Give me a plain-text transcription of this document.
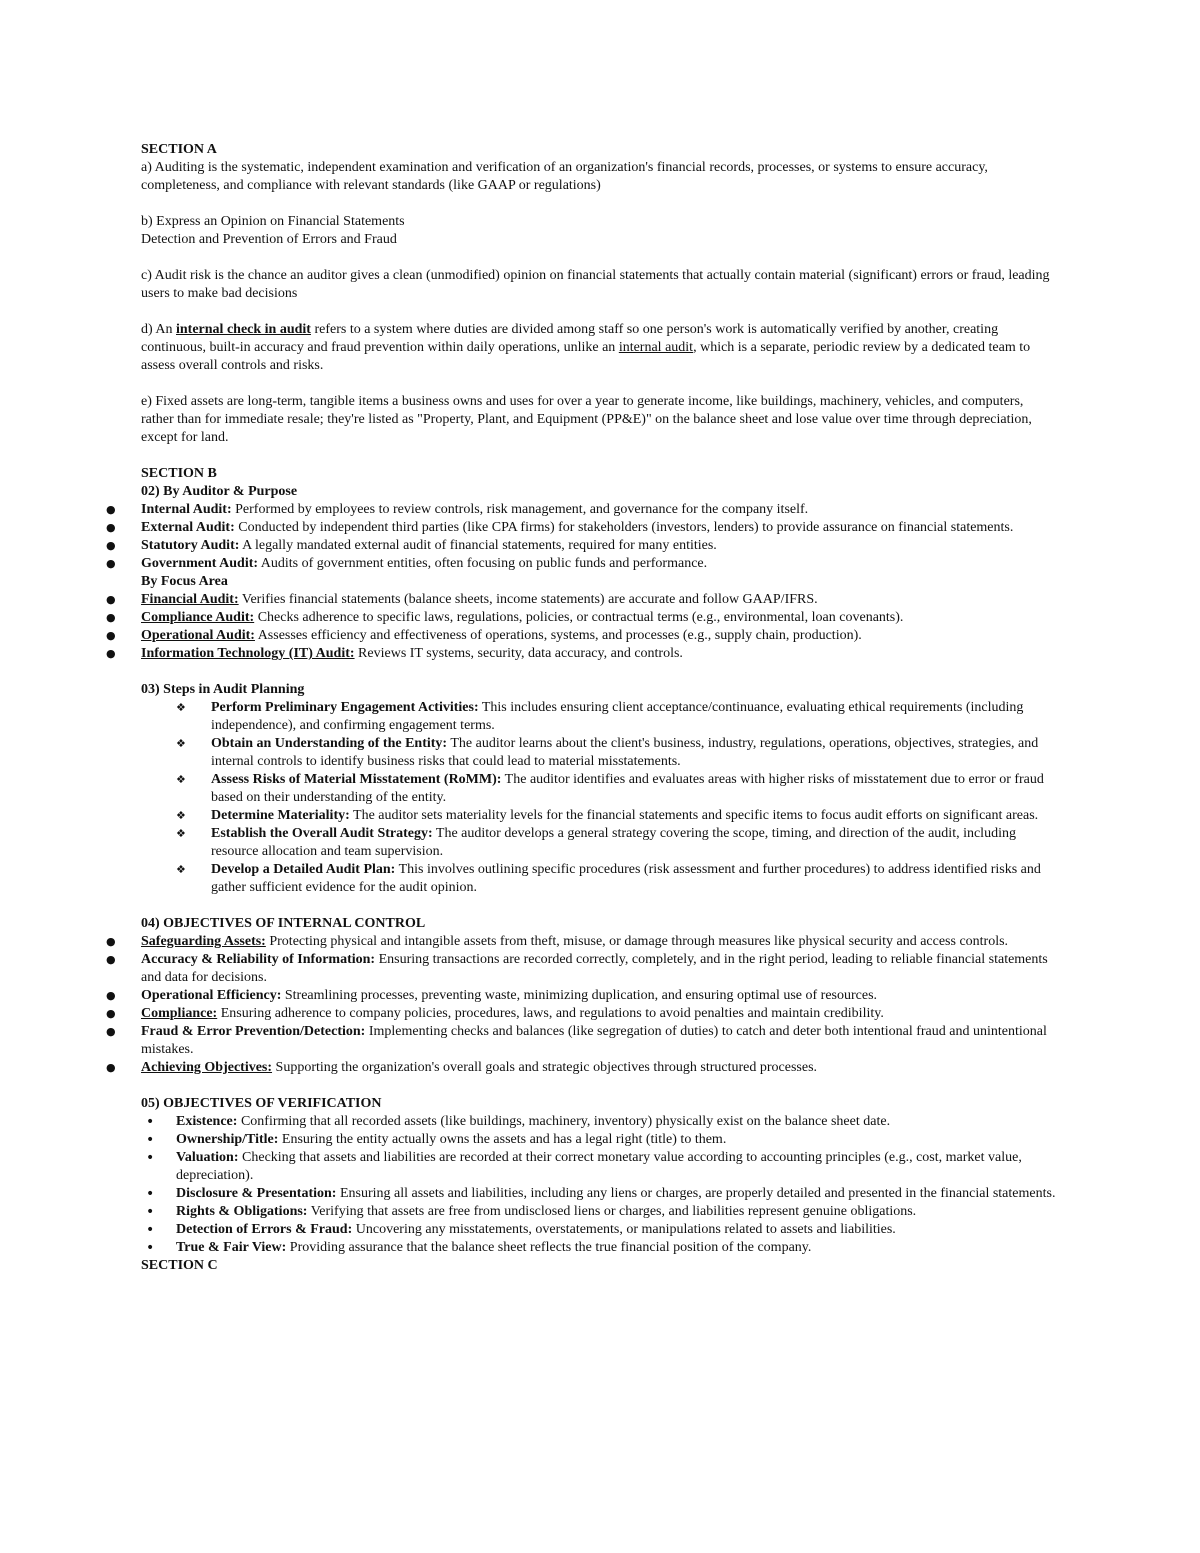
SECTION A

a) Auditing is the systematic, independent examination and verification of an organization's financial records, processes, or systems to ensure accuracy, completeness, and compliance with relevant standards (like GAAP or regulations)

b) Express an Opinion on Financial Statements

Detection and Prevention of Errors and Fraud

c) Audit risk is the chance an auditor gives a clean (unmodified) opinion on financial statements that actually contain material (significant) errors or fraud, leading users to make bad decisions

d) An internal check in audit refers to a system where duties are divided among staff so one person's work is automatically verified by another, creating continuous, built-in accuracy and fraud prevention within daily operations, unlike an internal audit, which is a separate, periodic review by a dedicated team to assess overall controls and risks.

e) Fixed assets are long-term, tangible items a business owns and uses for over a year to generate income, like buildings, machinery, vehicles, and computers, rather than for immediate resale; they're listed as "Property, Plant, and Equipment (PP&E)" on the balance sheet and lose value over time through depreciation, except for land.

SECTION B

02) By Auditor & Purpose

● Internal Audit: Performed by employees to review controls, risk management, and governance for the company itself.
● External Audit: Conducted by independent third parties (like CPA firms) for stakeholders (investors, lenders) to provide assurance on financial statements.
● Statutory Audit: A legally mandated external audit of financial statements, required for many entities.
● Government Audit: Audits of government entities, often focusing on public funds and performance.

By Focus Area

● Financial Audit: Verifies financial statements (balance sheets, income statements) are accurate and follow GAAP/IFRS.
● Compliance Audit: Checks adherence to specific laws, regulations, policies, or contractual terms (e.g., environmental, loan covenants).
● Operational Audit: Assesses efficiency and effectiveness of operations, systems, and processes (e.g., supply chain, production).
● Information Technology (IT) Audit: Reviews IT systems, security, data accuracy, and controls.

03) Steps in Audit Planning

❖ Perform Preliminary Engagement Activities: This includes ensuring client acceptance/continuance, evaluating ethical requirements (including independence), and confirming engagement terms.
❖ Obtain an Understanding of the Entity: The auditor learns about the client's business, industry, regulations, operations, objectives, strategies, and internal controls to identify business risks that could lead to material misstatements.
❖ Assess Risks of Material Misstatement (RoMM): The auditor identifies and evaluates areas with higher risks of misstatement due to error or fraud based on their understanding of the entity.
❖ Determine Materiality: The auditor sets materiality levels for the financial statements and specific items to focus audit efforts on significant areas.
❖ Establish the Overall Audit Strategy: The auditor develops a general strategy covering the scope, timing, and direction of the audit, including resource allocation and team supervision.
❖ Develop a Detailed Audit Plan: This involves outlining specific procedures (risk assessment and further procedures) to address identified risks and gather sufficient evidence for the audit opinion.

04) OBJECTIVES OF INTERNAL CONTROL

● Safeguarding Assets: Protecting physical and intangible assets from theft, misuse, or damage through measures like physical security and access controls.
● Accuracy & Reliability of Information: Ensuring transactions are recorded correctly, completely, and in the right period, leading to reliable financial statements and data for decisions.
● Operational Efficiency: Streamlining processes, preventing waste, minimizing duplication, and ensuring optimal use of resources.
● Compliance: Ensuring adherence to company policies, procedures, laws, and regulations to avoid penalties and maintain credibility.
● Fraud & Error Prevention/Detection: Implementing checks and balances (like segregation of duties) to catch and deter both intentional fraud and unintentional mistakes.
● Achieving Objectives: Supporting the organization's overall goals and strategic objectives through structured processes.

05) OBJECTIVES OF VERIFICATION

• Existence: Confirming that all recorded assets (like buildings, machinery, inventory) physically exist on the balance sheet date.
• Ownership/Title: Ensuring the entity actually owns the assets and has a legal right (title) to them.
• Valuation: Checking that assets and liabilities are recorded at their correct monetary value according to accounting principles (e.g., cost, market value, depreciation).
• Disclosure & Presentation: Ensuring all assets and liabilities, including any liens or charges, are properly detailed and presented in the financial statements.
• Rights & Obligations: Verifying that assets are free from undisclosed liens or charges, and liabilities represent genuine obligations.
• Detection of Errors & Fraud: Uncovering any misstatements, overstatements, or manipulations related to assets and liabilities.
• True & Fair View: Providing assurance that the balance sheet reflects the true financial position of the company.

SECTION C
